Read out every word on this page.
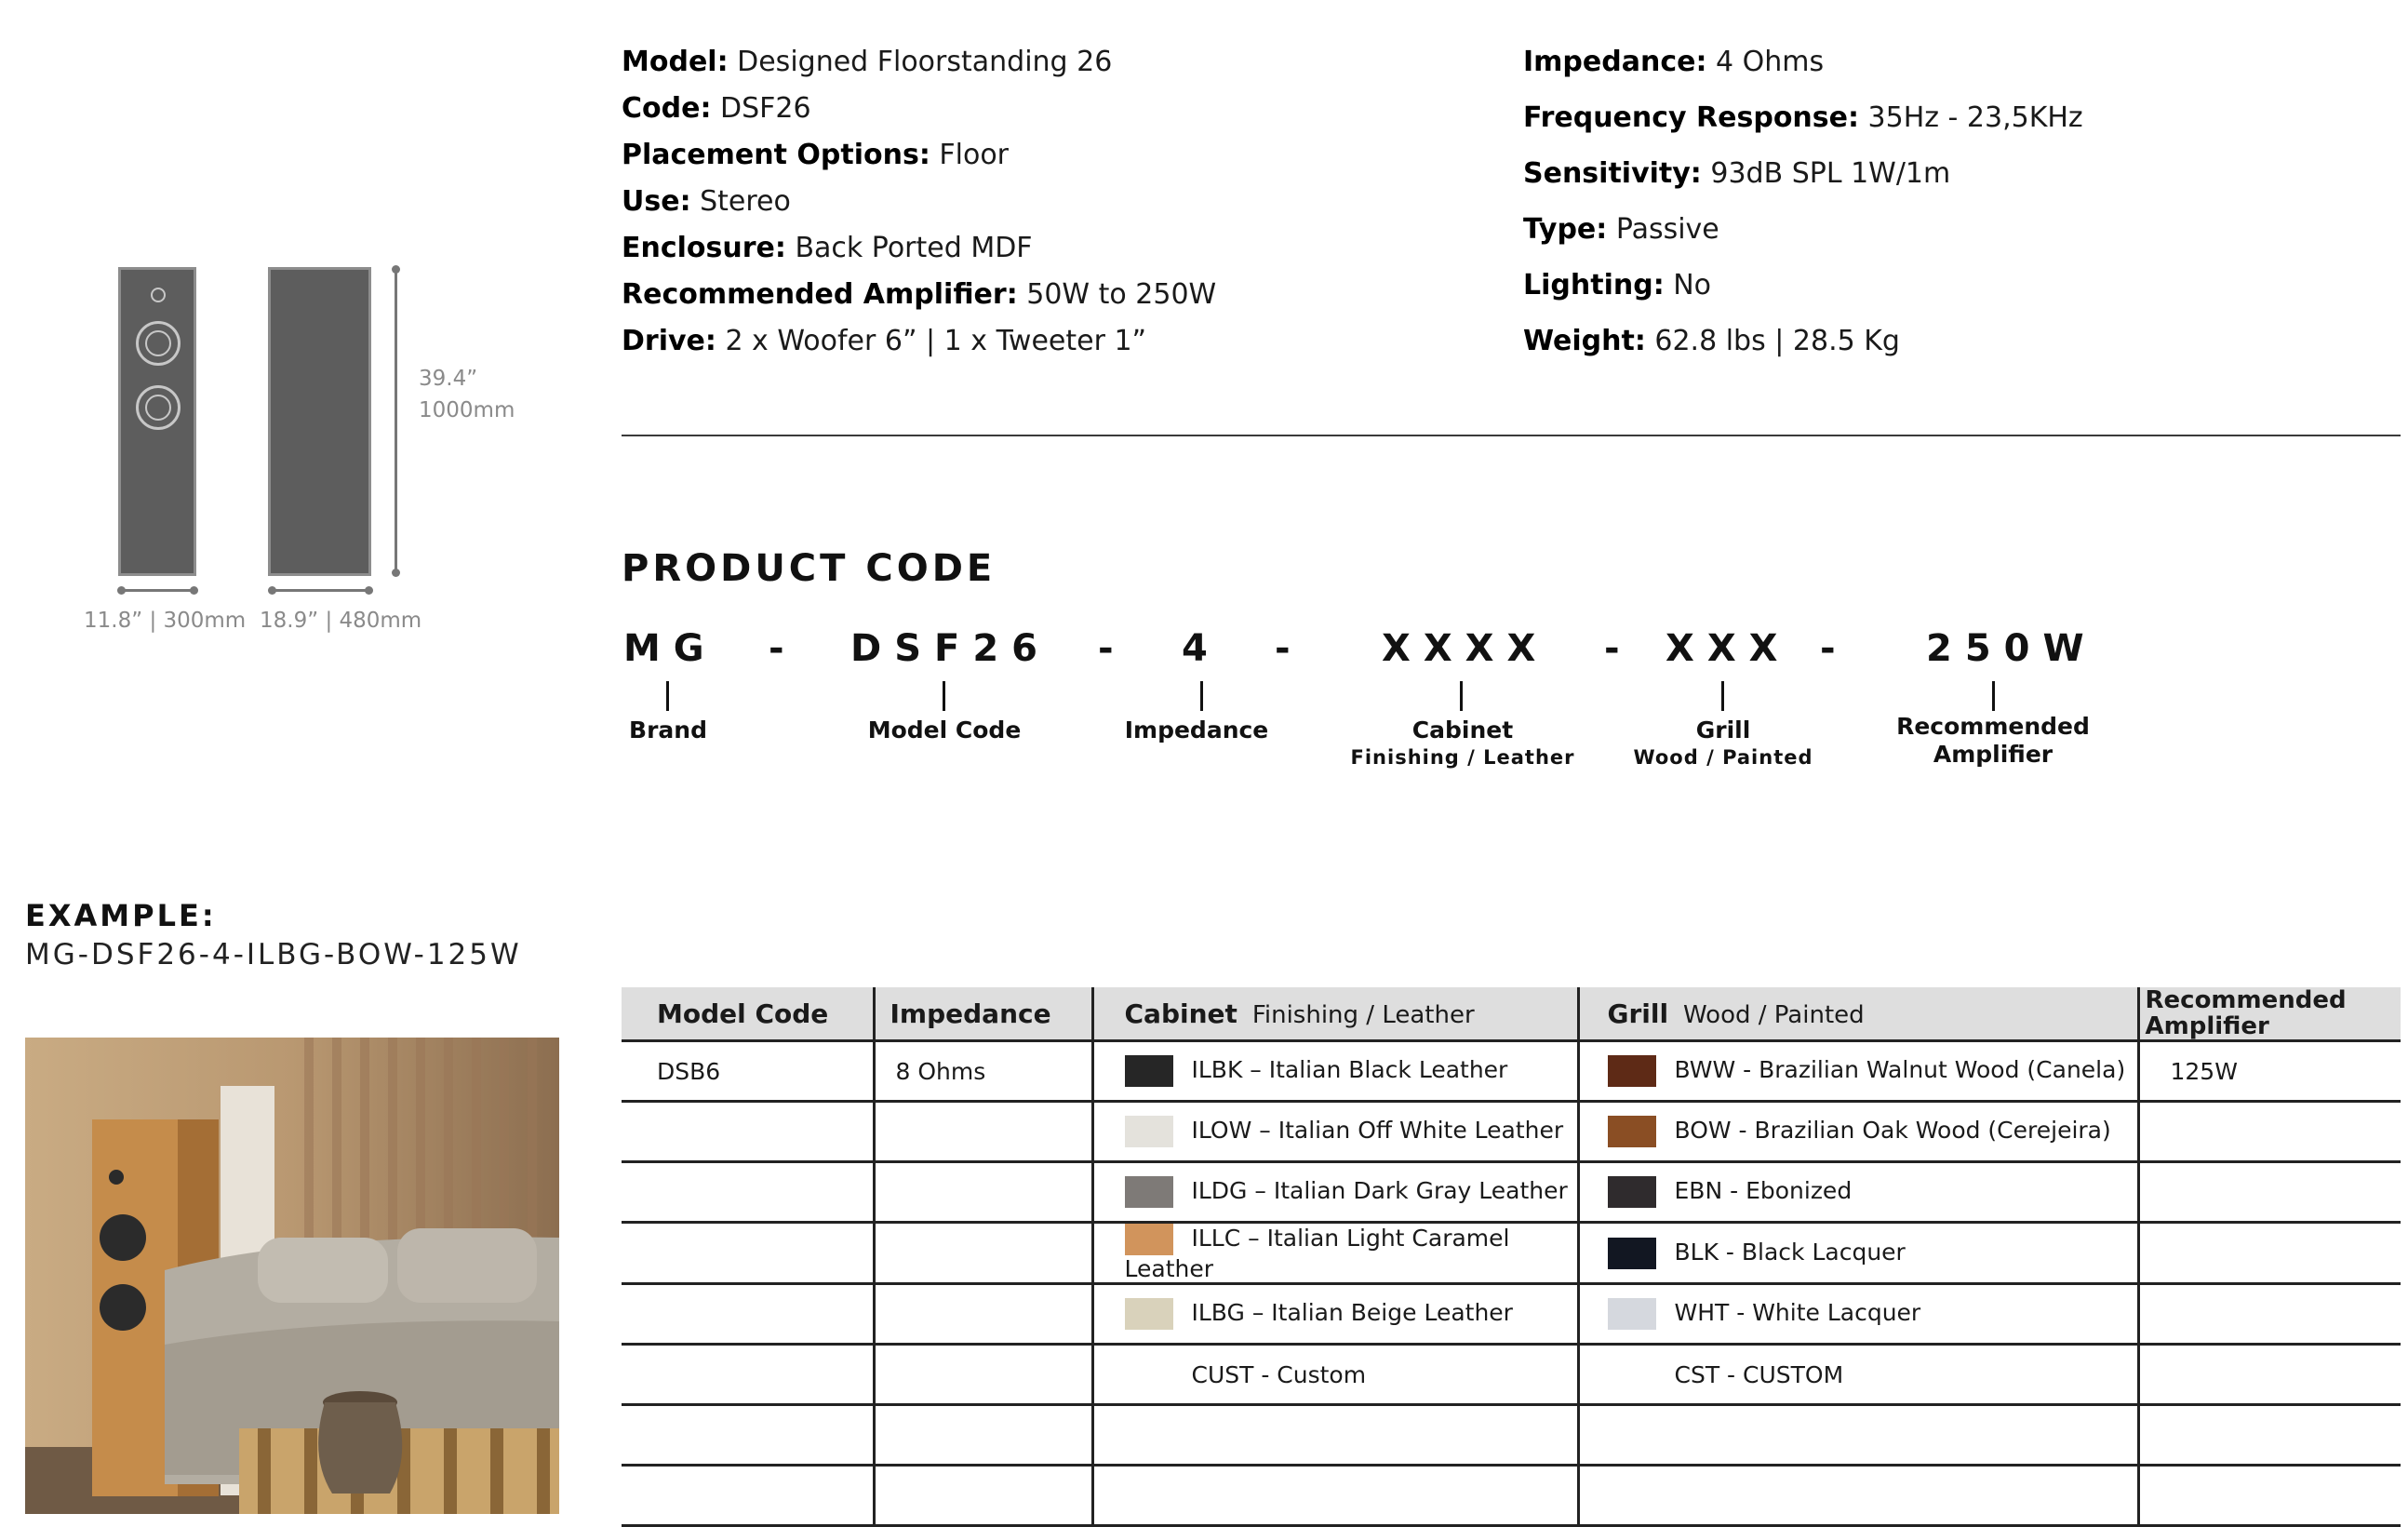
Model: Designed Floorstanding 26
Code: DSF26
Placement Options: Floor
Use: Stereo
Enclosure: Back Ported MDF
Recommended Amplifier: 50W to 250W
Drive: 2 x Woofer 6” | 1 x Tweeter 1”
Impedance: 4 Ohms
Frequency Response: 35Hz - 23,5KHz
Sensitivity: 93dB SPL 1W/1m
Type: Passive
Lighting: No
Weight: 62.8 lbs | 28.5 Kg
39.4”
1000mm
11.8” | 300mm 18.9” | 480mm
PRODUCT CODE
MG - DSF26 - 4 - XXXX - XXX - 250W
Brand	Model Code	Impedance	Cabinet
Finishing / Leather
Grill
Wood / Painted
Recommended
Amplifier
EXAMPLE:
MG-DSF26-4-ILBG-BOW-125W
Model Code	Impedance	Cabinet Finishing / Leather	Grill Wood / Painted	Recommended
Amplifier

DSB6	8 Ohms	ILBK – Italian Black Leather	BWW - Brazilian Walnut Wood (Canela)	125W
		ILOW – Italian Off White Leather	BOW - Brazilian Oak Wood (Cerejeira)	
		ILDG – Italian Dark Gray Leather	EBN - Ebonized	
		ILLC – Italian Light Caramel Leather	BLK - Black Lacquer	
		ILBG – Italian Beige Leather	WHT - White Lacquer	
		CUST - Custom	CST - CUSTOM	
